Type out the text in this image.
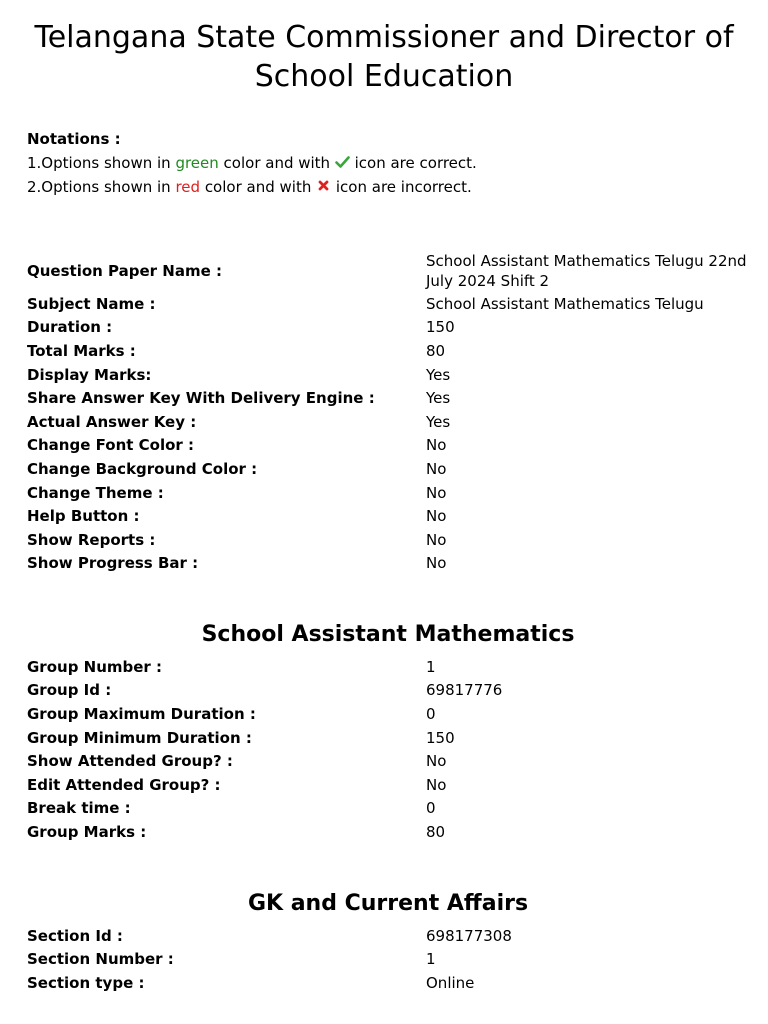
Telangana State Commissioner and Director of School Education
Notations :
1.Options shown in green color and with  icon are correct.
2.Options shown in red color and with  icon are incorrect.
Question Paper Name :
School Assistant Mathematics Telugu 22nd July 2024 Shift 2
Subject Name :	School Assistant Mathematics Telugu
Duration :	150
Total Marks :	80
Display Marks:	Yes
Share Answer Key With Delivery Engine :	Yes
Actual Answer Key :	Yes
Change Font Color :	No
Change Background Color :	No
Change Theme :	No
Help Button :	No
Show Reports :	No
Show Progress Bar :	No
School Assistant Mathematics
Group Number :	1
Group Id :	69817776
Group Maximum Duration :	0
Group Minimum Duration :	150
Show Attended Group? :	No
Edit Attended Group? :	No
Break time :	0
Group Marks :	80
GK and Current Affairs
Section Id :	698177308
Section Number :	1
Section type :	Online
